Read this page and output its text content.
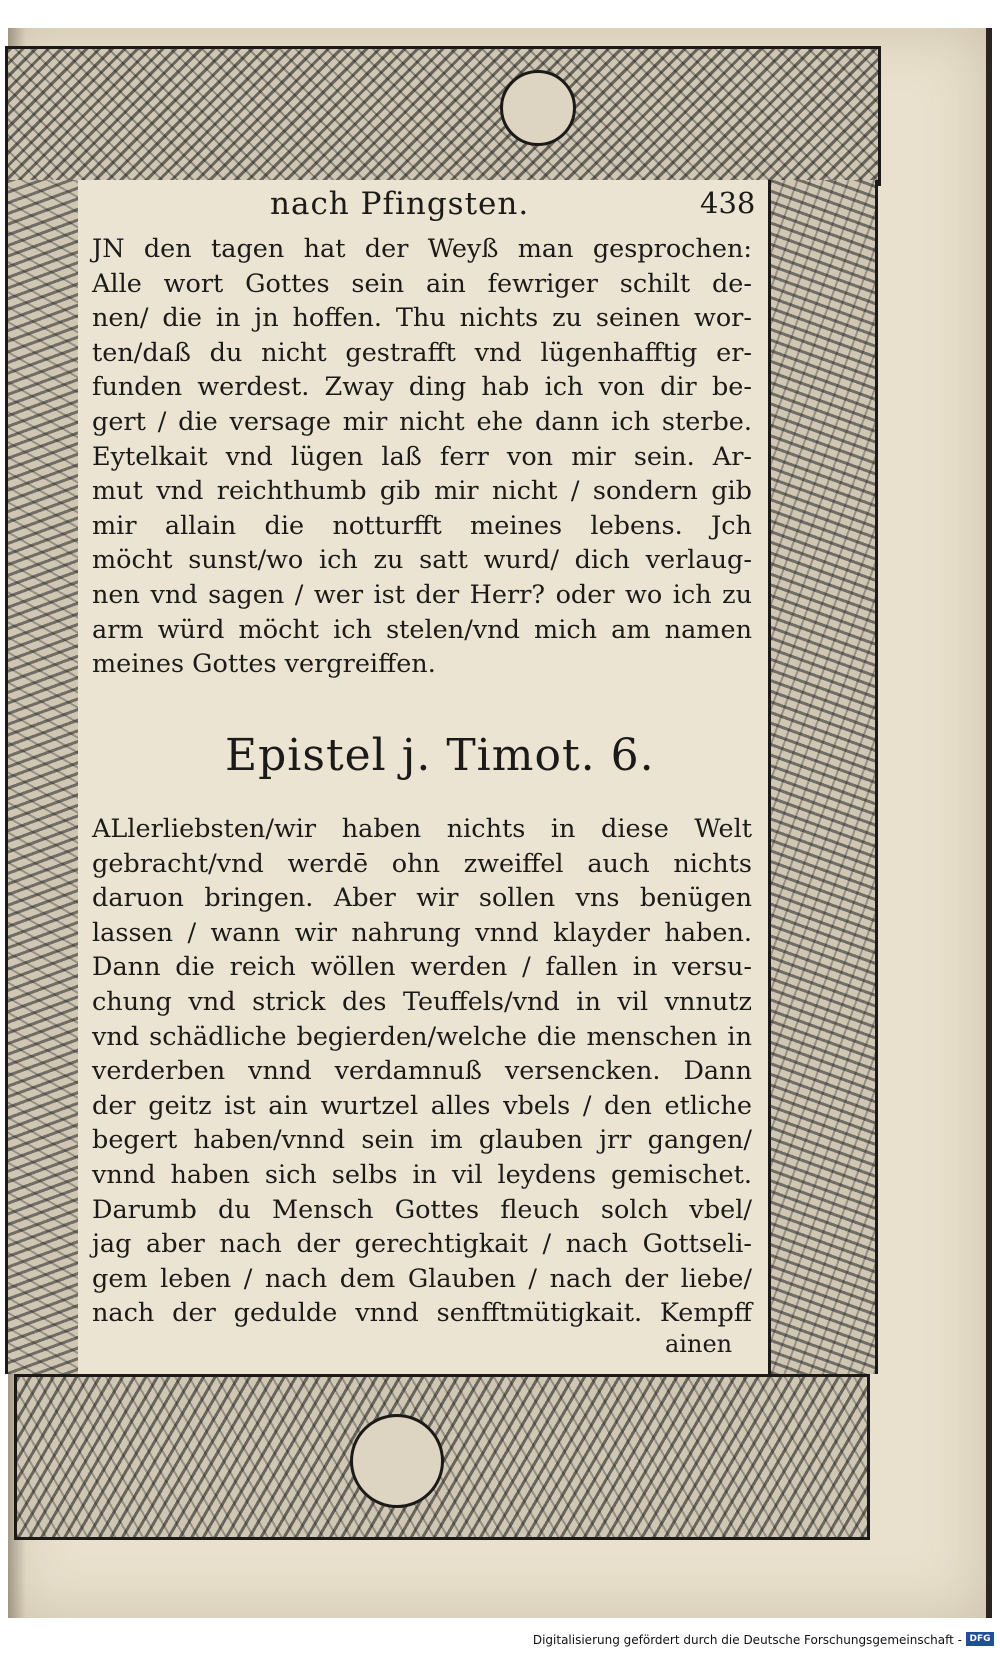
nach Pfingsten.	438
JN den tagen hat der Weyß man gesprochen:
Alle wort Gottes sein ain fewriger schilt de-
nen/ die in jn hoffen. Thu nichts zu seinen wor-
ten/daß du nicht gestrafft vnd lügenhafftig er-
funden werdest. Zway ding hab ich von dir be-
gert / die versage mir nicht ehe dann ich sterbe.
Eytelkait vnd lügen laß ferr von mir sein. Ar-
mut vnd reichthumb gib mir nicht / sondern gib
mir allain die notturfft meines lebens. Jch
möcht sunst/wo ich zu satt wurd/ dich verlaug-
nen vnd sagen / wer ist der Herr? oder wo ich zu
arm würd möcht ich stelen/vnd mich am namen
meines Gottes vergreiffen.
Epistel j. Timot. 6.
ALlerliebsten/wir haben nichts in diese Welt
gebracht/vnd werdē ohn zweiffel auch nichts
daruon bringen. Aber wir sollen vns benügen
lassen / wann wir nahrung vnnd klayder haben.
Dann die reich wöllen werden / fallen in versu-
chung vnd strick des Teuffels/vnd in vil vnnutz
vnd schädliche begierden/welche die menschen in
verderben vnnd verdamnuß versencken. Dann
der geitz ist ain wurtzel alles vbels / den etliche
begert haben/vnnd sein im glauben jrr gangen/
vnnd haben sich selbs in vil leydens gemischet.
Darumb du Mensch Gottes fleuch solch vbel/
jag aber nach der gerechtigkait / nach Gottseli-
gem leben / nach dem Glauben / nach der liebe/
nach der gedulde vnnd senfftmütigkait. Kempff
ainen
Digitalisierung gefördert durch die Deutsche Forschungsgemeinschaft - DFG
